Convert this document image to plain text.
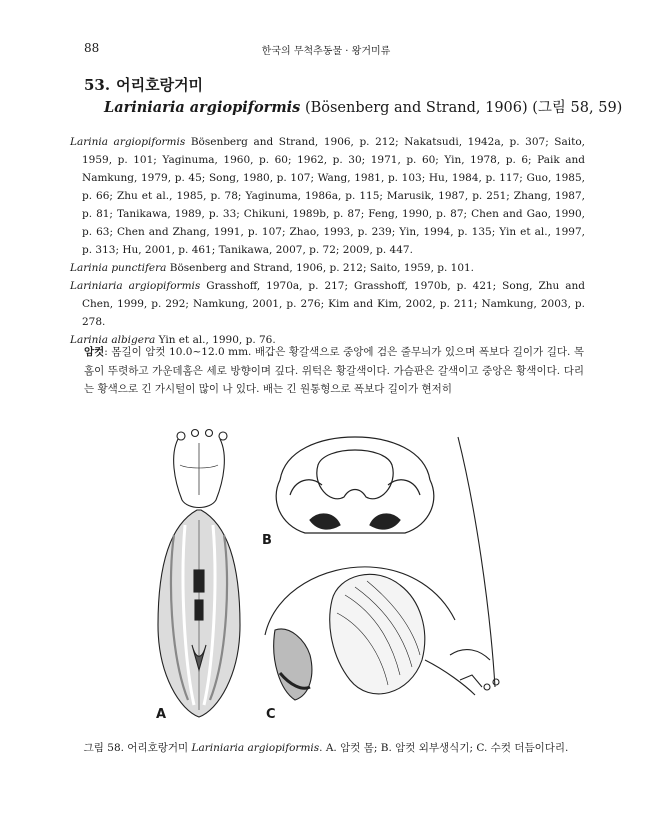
88	한국의 무척추동물 · 왕거미류
53. 어리호랑거미
Lariniaria argiopiformis (Bösenberg and Strand, 1906) (그림 58, 59)

Larinia argiopiformis Bösenberg and Strand, 1906, p. 212; Nakatsudi, 1942a, p. 307; Saito, 1959, p. 101; Yaginuma, 1960, p. 60; 1962, p. 30; 1971, p. 60; Yin, 1978, p. 6; Paik and Namkung, 1979, p. 45; Song, 1980, p. 107; Wang, 1981, p. 103; Hu, 1984, p. 117; Guo, 1985, p. 66; Zhu et al., 1985, p. 78; Yaginuma, 1986a, p. 115; Marusik, 1987, p. 251; Zhang, 1987, p. 81; Tanikawa, 1989, p. 33; Chikuni, 1989b, p. 87; Feng, 1990, p. 87; Chen and Gao, 1990, p. 63; Chen and Zhang, 1991, p. 107; Zhao, 1993, p. 239; Yin, 1994, p. 135; Yin et al., 1997, p. 313; Hu, 2001, p. 461; Tanikawa, 2007, p. 72; 2009, p. 447.

Larinia punctifera Bösenberg and Strand, 1906, p. 212; Saito, 1959, p. 101.

Lariniaria argiopiformis Grasshoff, 1970a, p. 217; Grasshoff, 1970b, p. 421; Song, Zhu and Chen, 1999, p. 292; Namkung, 2001, p. 276; Kim and Kim, 2002, p. 211; Namkung, 2003, p. 278.

Larinia albigera Yin et al., 1990, p. 76.

암컷: 몸길이 암컷 10.0~12.0 mm. 배갑은 황갈색으로 중앙에 검은 줄무늬가 있으며 폭보다 길이가 길다. 목홈이 뚜렷하고 가운데홈은 세로 방향이며 깊다. 위턱은 황갈색이다. 가슴판은 갈색이고 중앙은 황색이다. 다리는 황색으로 긴 가시털이 많이 나 있다. 배는 긴 원통형으로 폭보다 길이가 현저히
A
B
C
그림 58. 어리호랑거미 Lariniaria argiopiformis. A. 암컷 몸; B. 암컷 외부생식기; C. 수컷 더듬이다리.
